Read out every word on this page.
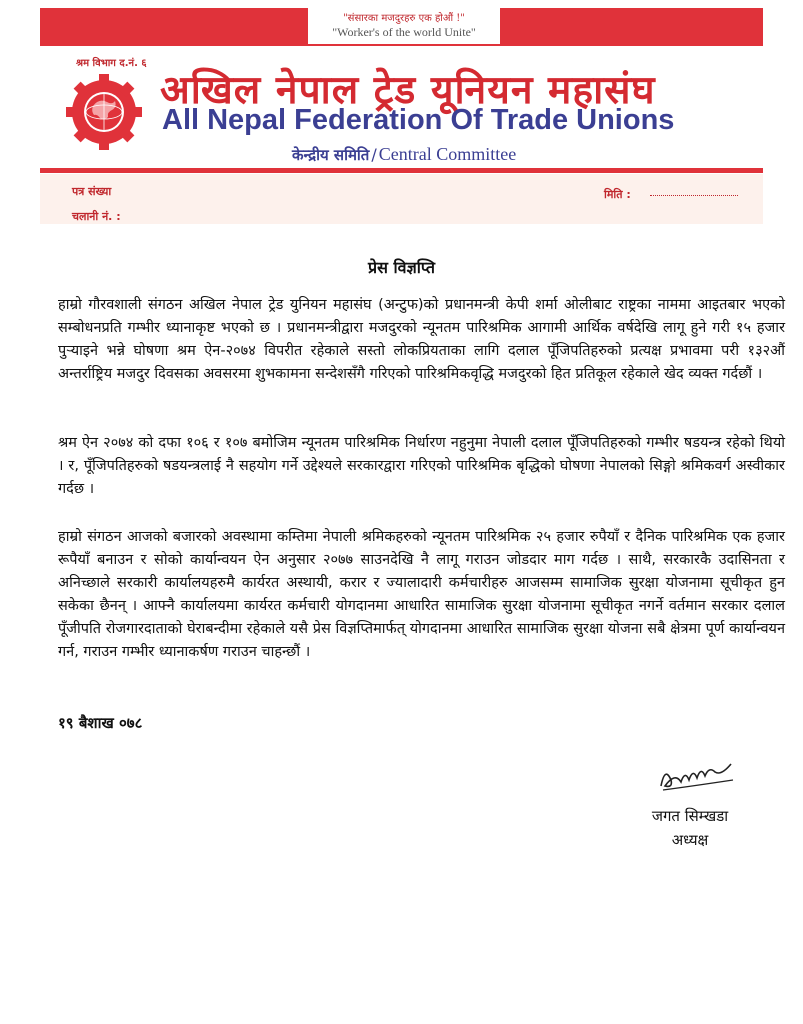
"संसारका मजदुरहरु एक होऔं !"
"Worker's of the world Unite"
श्रम विभाग द.नं. ६
अखिल नेपाल ट्रेड यूनियन महासंघ
All Nepal Federation Of Trade Unions
केन्द्रीय समिति / Central Committee
पत्र संख्या
चलानी नं. :
मिति :
प्रेस विज्ञप्ति
हाम्रो गौरवशाली संगठन अखिल नेपाल ट्रेड युनियन महासंघ (अन्टुफ)को प्रधानमन्त्री केपी शर्मा ओलीबाट राष्ट्रका नाममा आइतबार भएको सम्बोधनप्रति गम्भीर ध्यानाकृष्ट भएको छ । प्रधानमन्त्रीद्वारा मजदुरको न्यूनतम पारिश्रमिक आगामी आर्थिक वर्षदेखि लागू हुने गरी १५ हजार पुर्‍याइने भन्ने घोषणा श्रम ऐन-२०७४ विपरीत रहेकाले सस्तो लोकप्रियताका लागि दलाल पूँजिपतिहरुको प्रत्यक्ष प्रभावमा परी १३२औं अन्तर्राष्ट्रिय मजदुर दिवसका अवसरमा शुभकामना सन्देशसँगै गरिएको पारिश्रमिकवृद्धि मजदुरको हित प्रतिकूल रहेकाले खेद व्यक्त गर्दछौं ।
श्रम ऐन २०७४ को दफा १०६ र १०७ बमोजिम न्यूनतम पारिश्रमिक निर्धारण नहुनुमा नेपाली दलाल पूँजिपतिहरुको गम्भीर षडयन्त्र रहेको थियो । र, पूँजिपतिहरुको षडयन्त्रलाई नै सहयोग गर्ने उद्देश्यले सरकारद्वारा गरिएको पारिश्रमिक बृद्धिको घोषणा नेपालको सिङ्गो श्रमिकवर्ग अस्वीकार गर्दछ ।
हाम्रो संगठन आजको बजारको अवस्थामा कम्तिमा नेपाली श्रमिकहरुको न्यूनतम पारिश्रमिक २५ हजार रुपैयाँ र दैनिक पारिश्रमिक एक हजार रूपैयाँ बनाउन र सोको कार्यान्वयन ऐन अनुसार २०७७ साउनदेखि नै लागू गराउन जोडदार माग गर्दछ । साथै, सरकारकै उदासिनता र अनिच्छाले सरकारी कार्यालयहरुमै कार्यरत अस्थायी, करार र ज्यालादारी कर्मचारीहरु आजसम्म सामाजिक सुरक्षा योजनामा सूचीकृत हुन सकेका छैनन् । आफ्नै कार्यालयमा कार्यरत कर्मचारी योगदानमा आधारित सामाजिक सुरक्षा योजनामा सूचीकृत नगर्ने वर्तमान सरकार दलाल पूँजीपति रोजगारदाताको घेराबन्दीमा रहेकाले यसै प्रेस विज्ञप्तिमार्फत् योगदानमा आधारित सामाजिक सुरक्षा योजना सबै क्षेत्रमा पूर्ण कार्यान्वयन गर्न, गराउन गम्भीर ध्यानाकर्षण गराउन चाहन्छौं ।
१९ बैशाख ०७८
जगत सिम्खडा
अध्यक्ष
